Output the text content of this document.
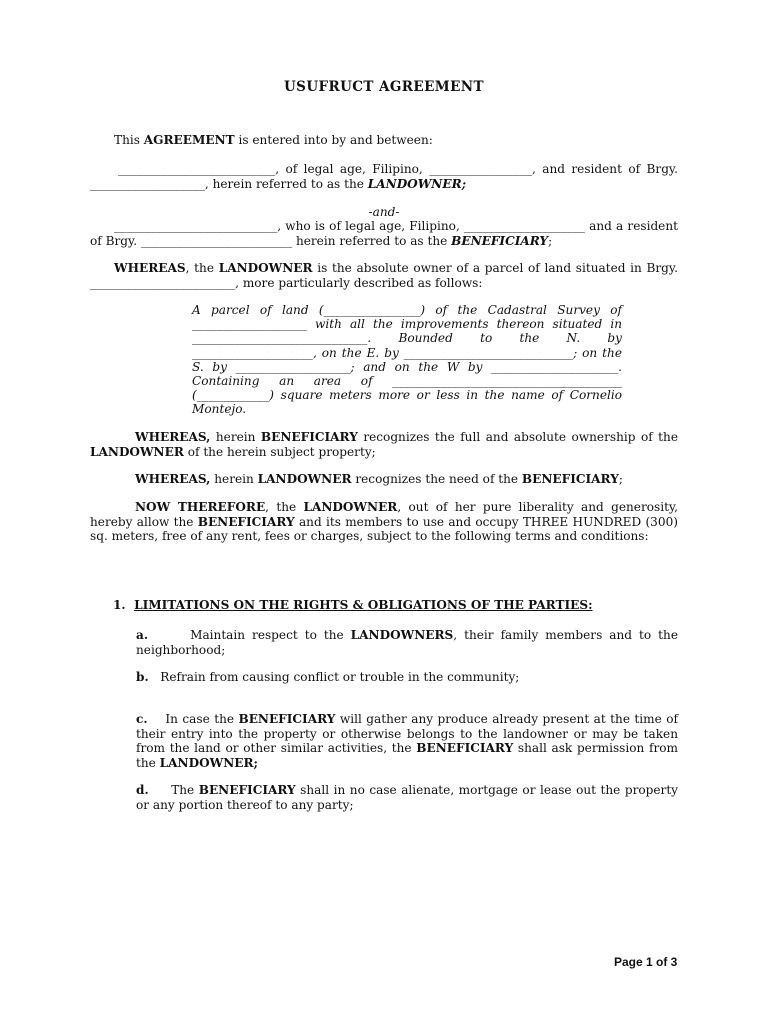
USUFRUCT AGREEMENT
This AGREEMENT is entered into by and between:
__________________________, of legal age, Filipino, _________________, and resident of Brgy. ___________________, herein referred to as the LANDOWNER;
-and-
___________________________, who is of legal age, Filipino, ____________________ and a resident of Brgy. _________________________ herein referred to as the BENEFICIARY;
WHEREAS, the LANDOWNER is the absolute owner of a parcel of land situated in Brgy. ________________________, more particularly described as follows:
A parcel of land (________________) of the Cadastral Survey of ___________________ with all the improvements thereon situated in _____________________________. Bounded to the N. by ____________________, on the E. by ____________________________; on the S. by ___________________; and on the W by _____________________. Containing an area of ______________________________________ (____________) square meters more or less in the name of Cornelio Montejo.
WHEREAS, herein BENEFICIARY recognizes the full and absolute ownership of the LANDOWNER of the herein subject property;
WHEREAS, herein LANDOWNER recognizes the need of the BENEFICIARY;
NOW THEREFORE, the LANDOWNER, out of her pure liberality and generosity, hereby allow the BENEFICIARY and its members to use and occupy THREE HUNDRED (300) sq. meters, free of any rent, fees or charges, subject to the following terms and conditions:
1. LIMITATIONS ON THE RIGHTS & OBLIGATIONS OF THE PARTIES:
a.	Maintain respect to the LANDOWNERS, their family members and to the neighborhood;
b. Refrain from causing conflict or trouble in the community;
c. In case the BENEFICIARY will gather any produce already present at the time of their entry into the property or otherwise belongs to the landowner or may be taken from the land or other similar activities, the BENEFICIARY shall ask permission from the LANDOWNER;
d. The BENEFICIARY shall in no case alienate, mortgage or lease out the property or any portion thereof to any party;
Page 1 of 3
